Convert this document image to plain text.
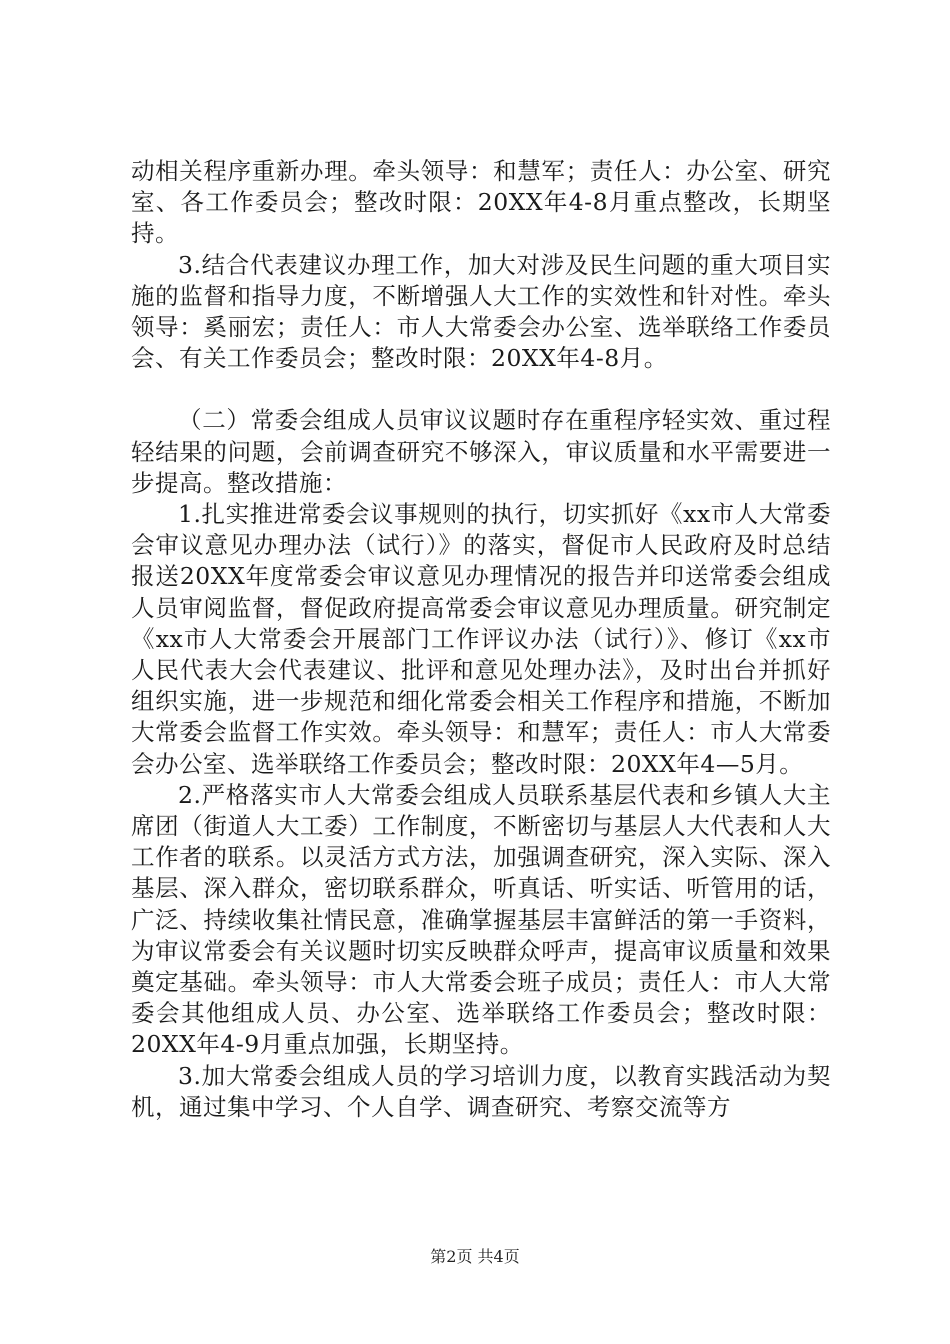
动相关程序重新办理。牵头领导：和慧军；责任人：办公室、研究室、各工作委员会；整改时限：20XX年4-8月重点整改，长期坚持。

3.结合代表建议办理工作，加大对涉及民生问题的重大项目实施的监督和指导力度，不断增强人大工作的实效性和针对性。牵头领导：奚丽宏；责任人：市人大常委会办公室、选举联络工作委员会、有关工作委员会；整改时限：20XX年4-8月。

（二）常委会组成人员审议议题时存在重程序轻实效、重过程轻结果的问题，会前调查研究不够深入，审议质量和水平需要进一步提高。整改措施：

1.扎实推进常委会议事规则的执行，切实抓好《xx市人大常委会审议意见办理办法（试行）》的落实，督促市人民政府及时总结报送20XX年度常委会审议意见办理情况的报告并印送常委会组成人员审阅监督，督促政府提高常委会审议意见办理质量。研究制定《xx市人大常委会开展部门工作评议办法（试行）》、修订《xx市人民代表大会代表建议、批评和意见处理办法》，及时出台并抓好组织实施，进一步规范和细化常委会相关工作程序和措施，不断加大常委会监督工作实效。牵头领导：和慧军；责任人：市人大常委会办公室、选举联络工作委员会；整改时限：20XX年4—5月。

2.严格落实市人大常委会组成人员联系基层代表和乡镇人大主席团（街道人大工委）工作制度，不断密切与基层人大代表和人大工作者的联系。以灵活方式方法，加强调查研究，深入实际、深入基层、深入群众，密切联系群众，听真话、听实话、听管用的话，广泛、持续收集社情民意，准确掌握基层丰富鲜活的第一手资料，为审议常委会有关议题时切实反映群众呼声，提高审议质量和效果奠定基础。牵头领导：市人大常委会班子成员；责任人：市人大常委会其他组成人员、办公室、选举联络工作委员会；整改时限：20XX年4-9月重点加强，长期坚持。

3.加大常委会组成人员的学习培训力度，以教育实践活动为契机，通过集中学习、个人自学、调查研究、考察交流等方

第2页 共4页
